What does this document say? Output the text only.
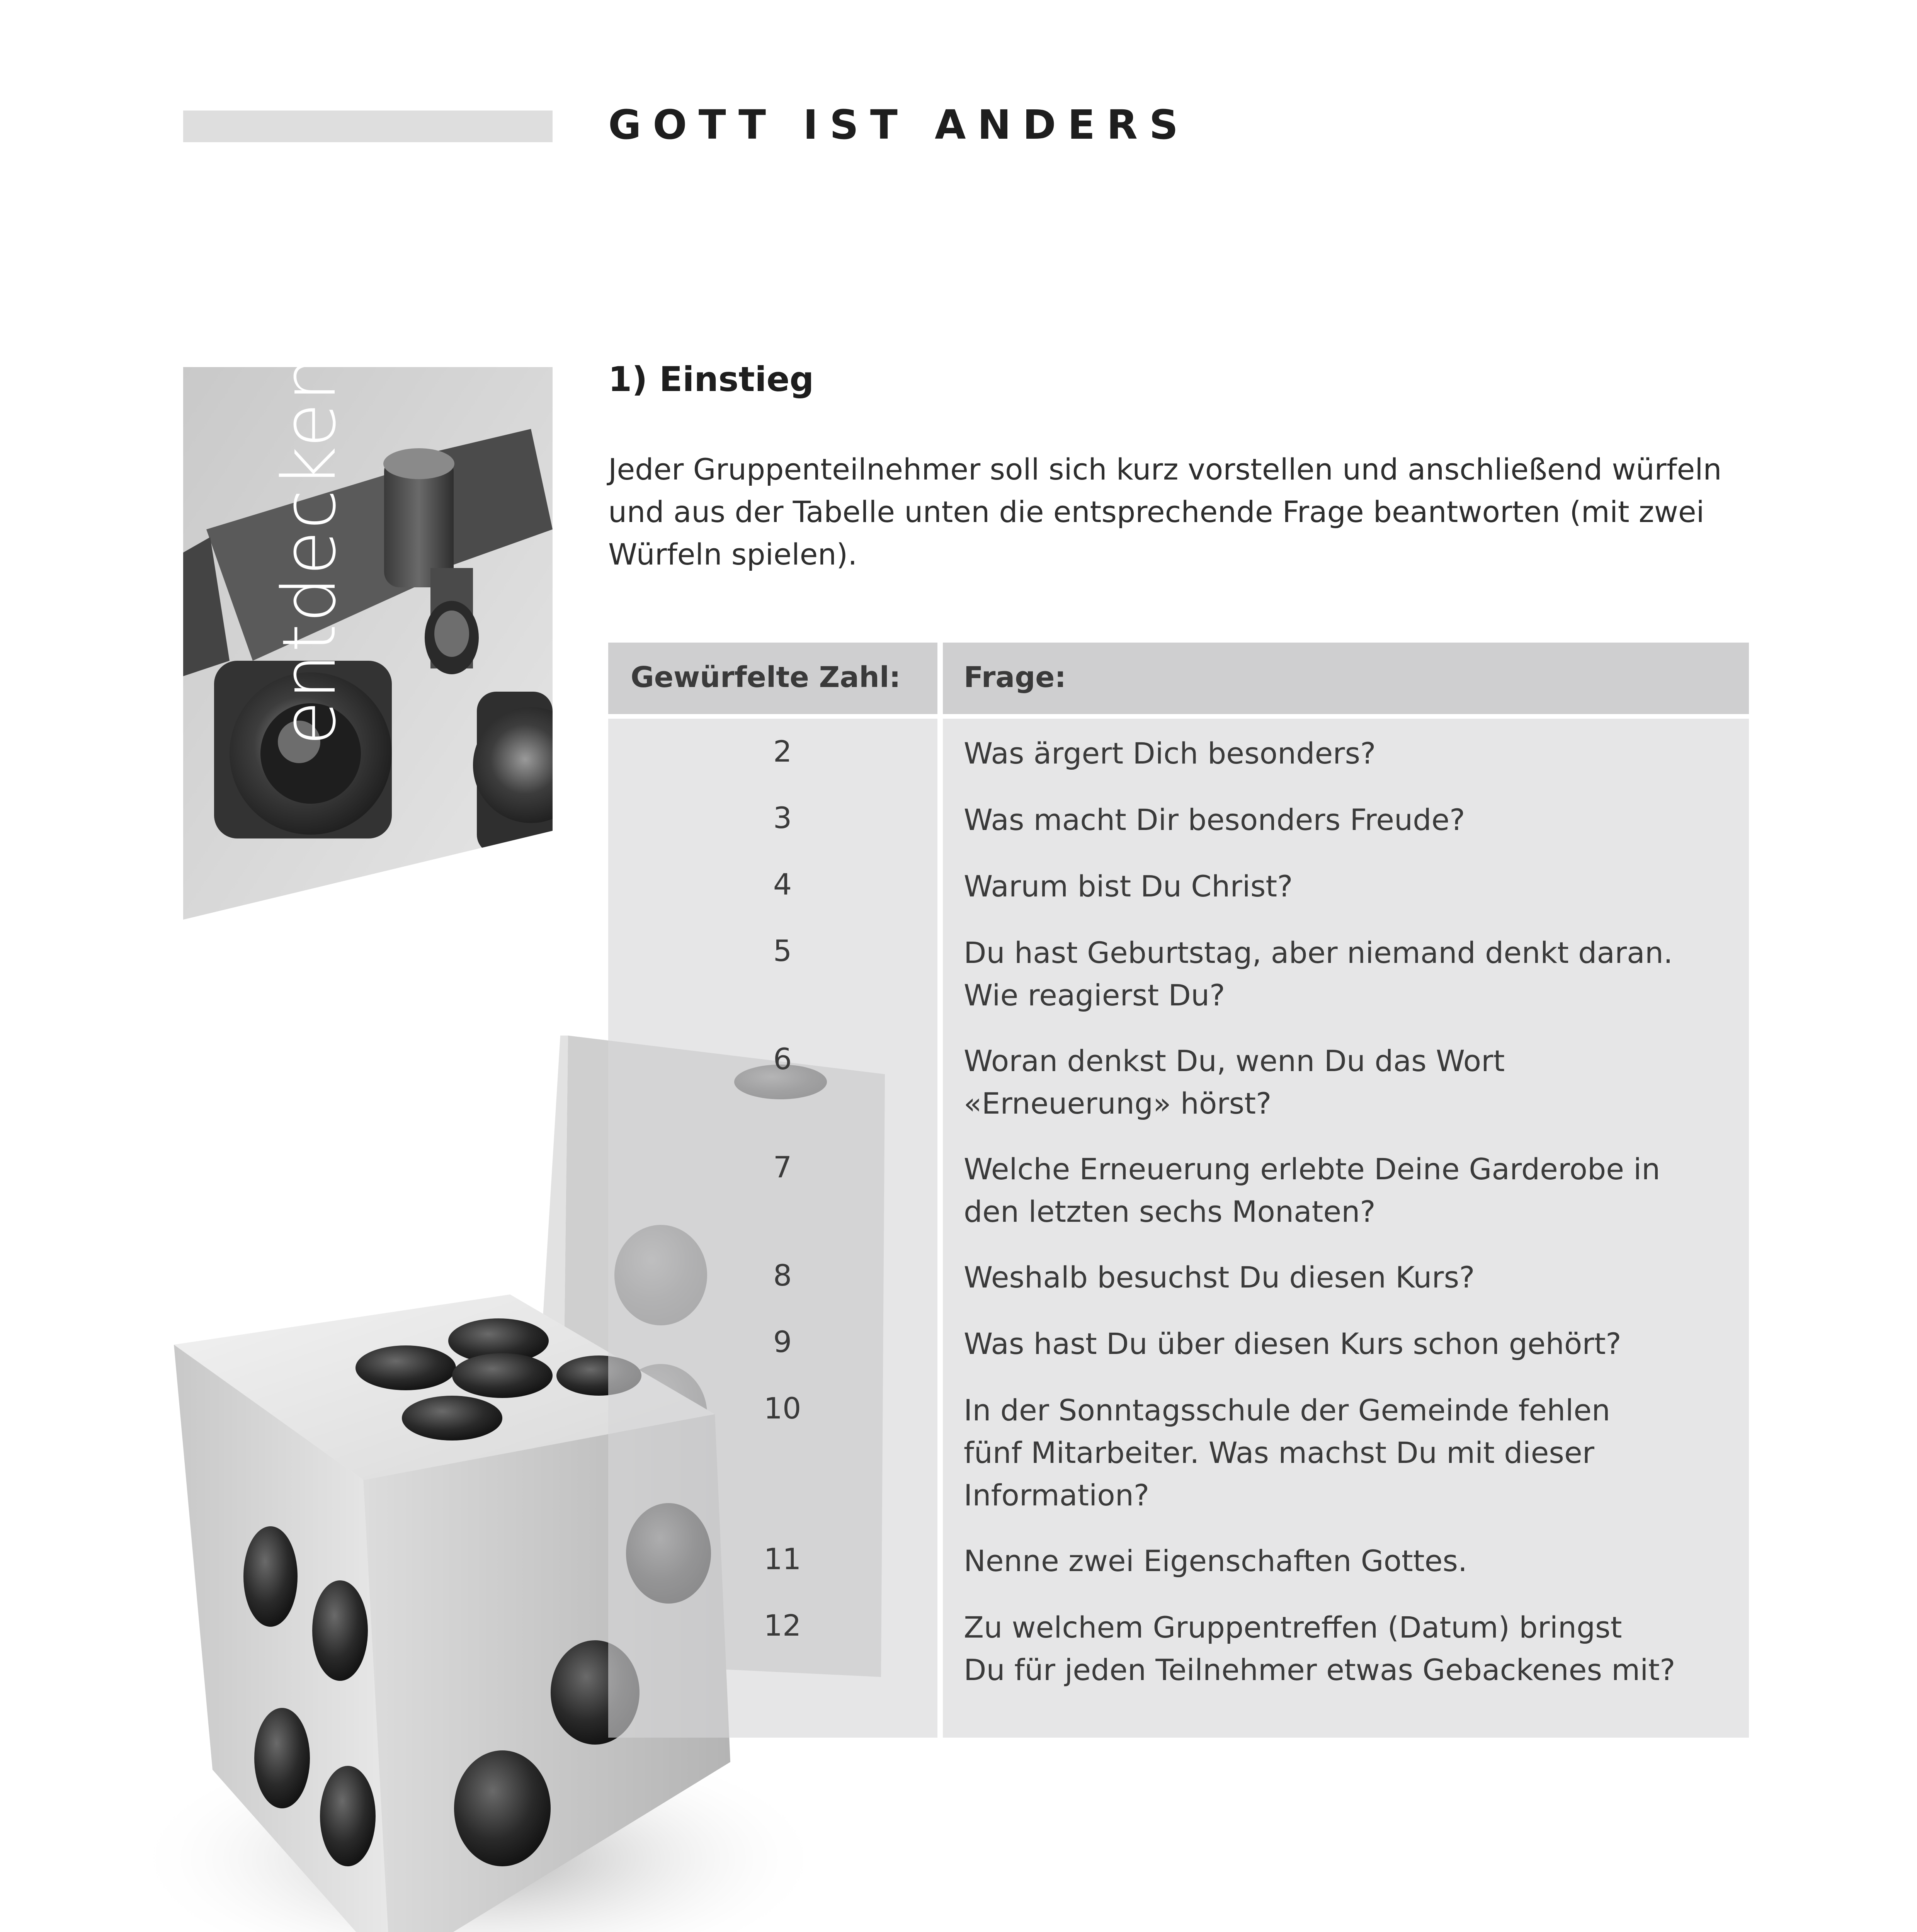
GOTT IST ANDERS
entdecken	1) Einstieg
Jeder Gruppenteilnehmer soll sich kurz vorstellen und anschließend würfeln
und aus der Tabelle unten die entsprechende Frage beantworten (mit zwei
Würfeln spielen).
Gewürfelte Zahl: Frage:
2	Was ärgert Dich besonders?
3	Was macht Dir besonders Freude?
4	Warum bist Du Christ?
5	Du hast Geburtstag, aber niemand denkt daran.
Wie reagierst Du?
6	Woran denkst Du, wenn Du das Wort
«Erneuerung» hörst?
7	Welche Erneuerung erlebte Deine Garderobe in
den letzten sechs Monaten?
8	Weshalb besuchst Du diesen Kurs?
9	Was hast Du über diesen Kurs schon gehört?
10	In der Sonntagsschule der Gemeinde fehlen
fünf Mitarbeiter. Was machst Du mit dieser
Information?
11	Nenne zwei Eigenschaften Gottes.
12	Zu welchem Gruppentreffen (Datum) bringst
Du für jeden Teilnehmer etwas Gebackenes mit?
